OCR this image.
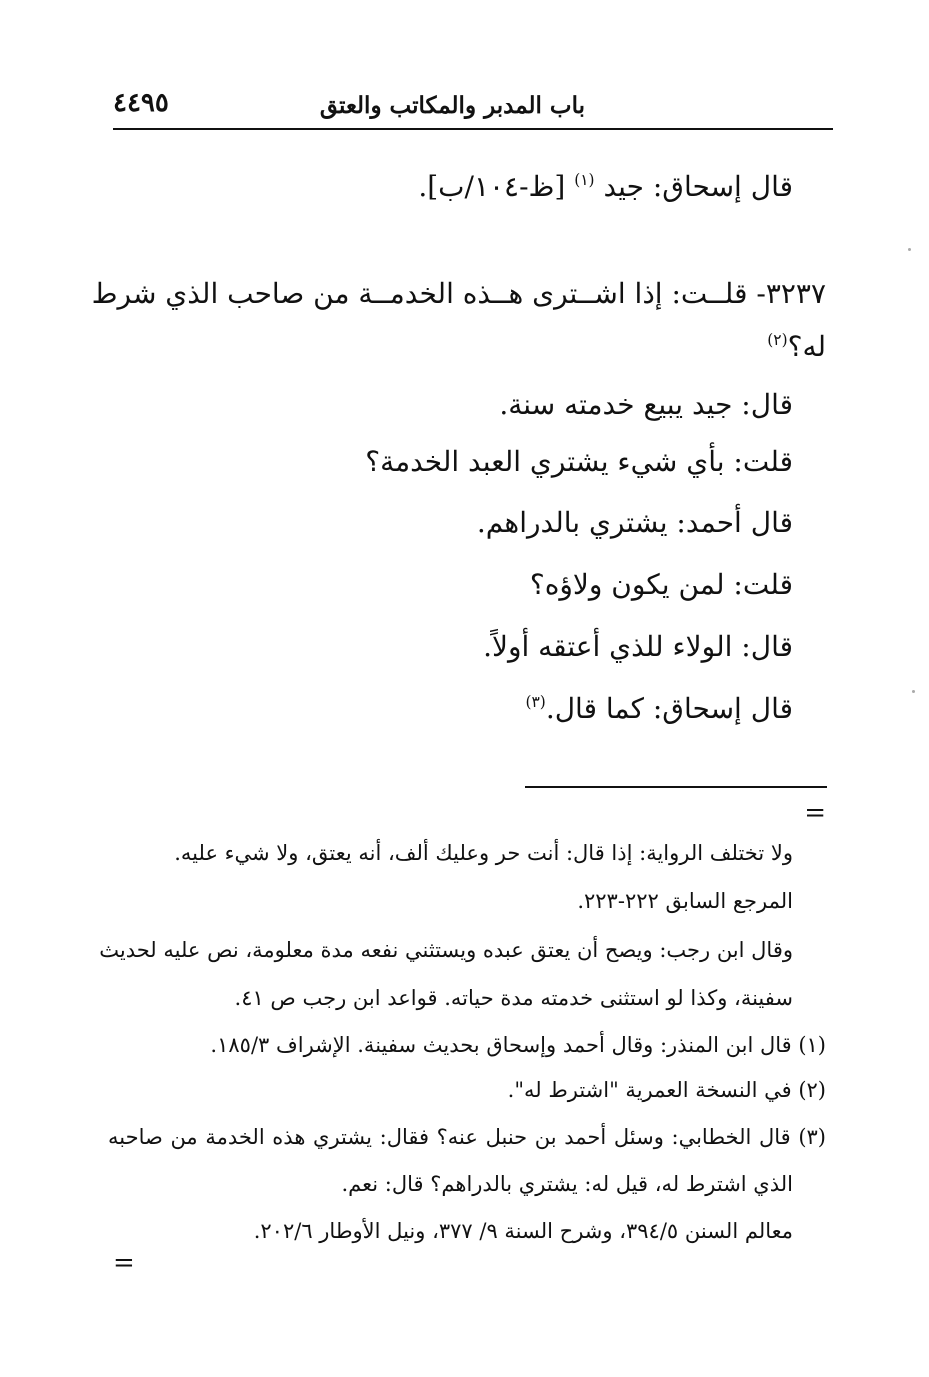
باب المدبر والمكاتب والعتق
٤٤٩٥
قال إسحاق: جيد $^{(١)}$ [ظ-١٠٤/ب].
٣٢٣٧- قلــت: إذا اشــترى هــذه الخدمــة من صاحب الذي شرط
له؟$^{(٢)}$
قال: جيد يبيع خدمته سنة.
قلت: بأي شيء يشتري العبد الخدمة؟
قال أحمد: يشتري بالدراهم.
قلت: لمن يكون ولاؤه؟
قال: الولاء للذي أعتقه أولاً.
قال إسحاق: كما قال.$^{(٣)}$
=
ولا تختلف الرواية: إذا قال: أنت حر وعليك ألف، أنه يعتق، ولا شيء عليه.
المرجع السابق ٢٢٢-٢٢٣.
وقال ابن رجب: ويصح أن يعتق عبده ويستثني نفعه مدة معلومة، نص عليه لحديث
سفينة، وكذا لو استثنى خدمته مدة حياته. قواعد ابن رجب ص ٤١.
(١) قال ابن المنذر: وقال أحمد وإسحاق بحديث سفينة. الإشراف ١٨٥/٣.
(٢) في النسخة العمرية "اشترط له".
(٣) قال الخطابي: وسئل أحمد بن حنبل عنه؟ فقال: يشتري هذه الخدمة من صاحبه
الذي اشترط له، قيل له: يشتري بالدراهم؟ قال: نعم.
معالم السنن ٣٩٤/٥، وشرح السنة ٩/ ٣٧٧، ونيل الأوطار ٢٠٢/٦.
=
